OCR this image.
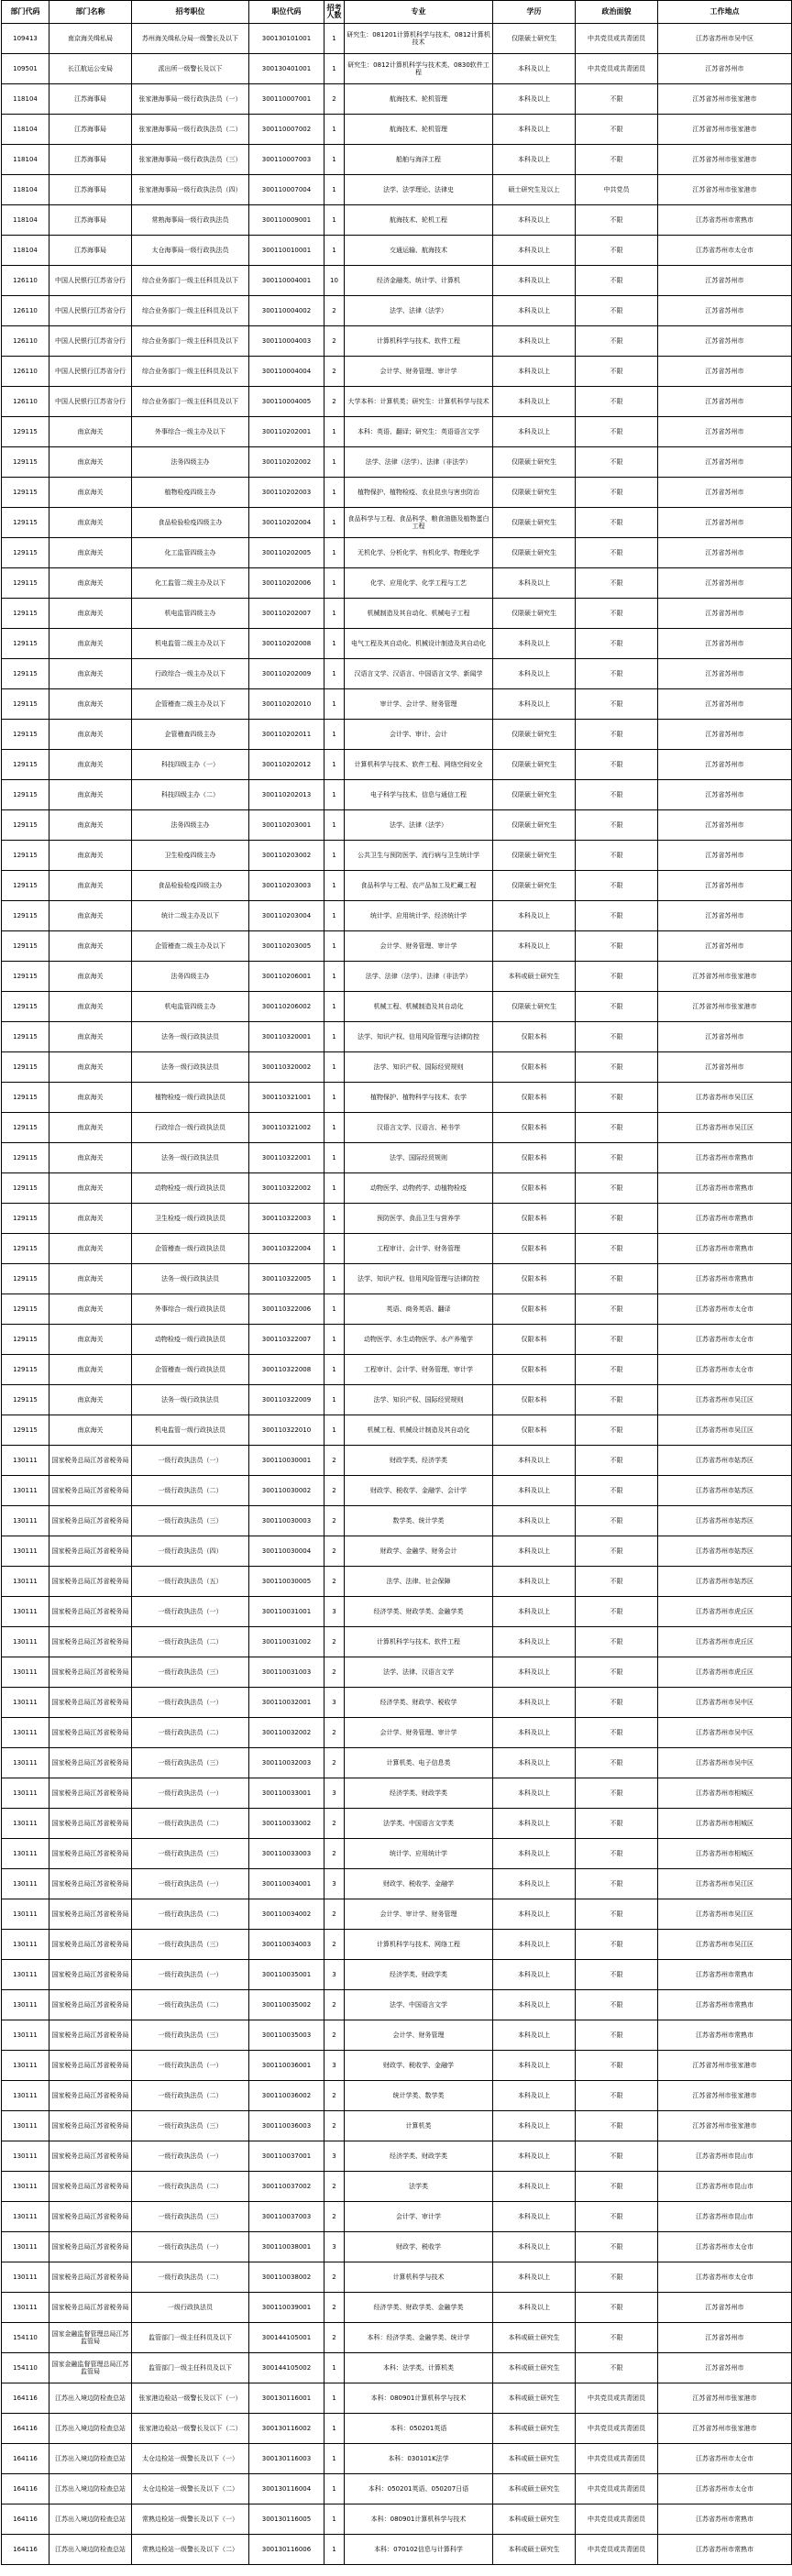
部门代码	部门名称	招考职位	职位代码	招考人数	专业	学历	政治面貌	工作地点
109413	南京海关缉私局	苏州海关缉私分局一级警长及以下	300130101001	1	研究生：081201计算机科学与技术、0812计算机技术	仅限硕士研究生	中共党员或共青团员	江苏省苏州市吴中区
109501	长江航运公安局	派出所一级警长及以下	300130401001	1	研究生：0812计算机科学与技术类、0830软件工程	本科及以上	中共党员或共青团员	江苏省苏州市
118104	江苏海事局	张家港海事局一级行政执法员（一）	300110007001	2	航海技术、轮机管理	本科及以上	不限	江苏省苏州市张家港市
118104	江苏海事局	张家港海事局一级行政执法员（二）	300110007002	1	航海技术、轮机管理	本科及以上	不限	江苏省苏州市张家港市
118104	江苏海事局	张家港海事局一级行政执法员（三）	300110007003	1	船舶与海洋工程	本科及以上	不限	江苏省苏州市张家港市
118104	江苏海事局	张家港海事局一级行政执法员（四）	300110007004	1	法学、法学理论、法律史	硕士研究生及以上	中共党员	江苏省苏州市张家港市
118104	江苏海事局	常熟海事局一级行政执法员	300110009001	1	航海技术、轮机工程	本科及以上	不限	江苏省苏州市常熟市
118104	江苏海事局	太仓海事局一级行政执法员	300110010001	1	交通运输、航海技术	本科及以上	不限	江苏省苏州市太仓市
126110	中国人民银行江苏省分行	综合业务部门一级主任科员及以下	300110004001	10	经济金融类、统计学、计算机	本科及以上	不限	江苏省苏州市
126110	中国人民银行江苏省分行	综合业务部门一级主任科员及以下	300110004002	2	法学、法律（法学）	本科及以上	不限	江苏省苏州市
126110	中国人民银行江苏省分行	综合业务部门一级主任科员及以下	300110004003	2	计算机科学与技术、软件工程	本科及以上	不限	江苏省苏州市
126110	中国人民银行江苏省分行	综合业务部门一级主任科员及以下	300110004004	2	会计学、财务管理、审计学	本科及以上	不限	江苏省苏州市
126110	中国人民银行江苏省分行	综合业务部门一级主任科员及以下	300110004005	2	大学本科：计算机类；研究生：计算机科学与技术	本科及以上	不限	江苏省苏州市
129115	南京海关	外事综合一级主办及以下	300110202001	1	本科：英语、翻译；研究生：英语语言文学	本科及以上	不限	江苏省苏州市
129115	南京海关	法务四级主办	300110202002	1	法学、法律（法学）、法律（非法学）	仅限硕士研究生	不限	江苏省苏州市
129115	南京海关	植物检疫四级主办	300110202003	1	植物保护、植物检疫、农业昆虫与害虫防治	仅限硕士研究生	不限	江苏省苏州市
129115	南京海关	食品检验检疫四级主办	300110202004	1	食品科学与工程、食品科学、粮食油脂及植物蛋白工程	仅限硕士研究生	不限	江苏省苏州市
129115	南京海关	化工监管四级主办	300110202005	1	无机化学、分析化学、有机化学、物理化学	仅限硕士研究生	不限	江苏省苏州市
129115	南京海关	化工监管二级主办及以下	300110202006	1	化学、应用化学、化学工程与工艺	本科及以上	不限	江苏省苏州市
129115	南京海关	机电监管四级主办	300110202007	1	机械制造及其自动化、机械电子工程	仅限硕士研究生	不限	江苏省苏州市
129115	南京海关	机电监管二级主办及以下	300110202008	1	电气工程及其自动化、机械设计制造及其自动化	本科及以上	不限	江苏省苏州市
129115	南京海关	行政综合一级主办及以下	300110202009	1	汉语言文学、汉语言、中国语言文学、新闻学	本科及以上	不限	江苏省苏州市
129115	南京海关	企管稽查二级主办及以下	300110202010	1	审计学、会计学、财务管理	本科及以上	不限	江苏省苏州市
129115	南京海关	企管稽查四级主办	300110202011	1	会计学、审计、会计	仅限硕士研究生	不限	江苏省苏州市
129115	南京海关	科技四级主办（一）	300110202012	1	计算机科学与技术、软件工程、网络空间安全	仅限硕士研究生	不限	江苏省苏州市
129115	南京海关	科技四级主办（二）	300110202013	1	电子科学与技术、信息与通信工程	仅限硕士研究生	不限	江苏省苏州市
129115	南京海关	法务四级主办	300110203001	1	法学、法律（法学）	仅限硕士研究生	不限	江苏省苏州市
129115	南京海关	卫生检疫四级主办	300110203002	1	公共卫生与预防医学、流行病与卫生统计学	仅限硕士研究生	不限	江苏省苏州市
129115	南京海关	食品检验检疫四级主办	300110203003	1	食品科学与工程、农产品加工及贮藏工程	仅限硕士研究生	不限	江苏省苏州市
129115	南京海关	统计二级主办及以下	300110203004	1	统计学、应用统计学、经济统计学	本科及以上	不限	江苏省苏州市
129115	南京海关	企管稽查二级主办及以下	300110203005	1	会计学、财务管理、审计学	本科及以上	不限	江苏省苏州市
129115	南京海关	法务四级主办	300110206001	1	法学、法律（法学）、法律（非法学）	本科或硕士研究生	不限	江苏省苏州市张家港市
129115	南京海关	机电监管四级主办	300110206002	1	机械工程、机械制造及其自动化	仅限硕士研究生	不限	江苏省苏州市张家港市
129115	南京海关	法务一级行政执法员	300110320001	1	法学、知识产权、信用风险管理与法律防控	仅限本科	不限	江苏省苏州市
129115	南京海关	法务一级行政执法员	300110320002	1	法学、知识产权、国际经贸规则	仅限本科	不限	江苏省苏州市
129115	南京海关	植物检疫一级行政执法员	300110321001	1	植物保护、植物科学与技术、农学	仅限本科	不限	江苏省苏州市吴江区
129115	南京海关	行政综合一级行政执法员	300110321002	1	汉语言文学、汉语言、秘书学	仅限本科	不限	江苏省苏州市吴江区
129115	南京海关	法务一级行政执法员	300110322001	1	法学、国际经贸规则	仅限本科	不限	江苏省苏州市常熟市
129115	南京海关	动物检疫一级行政执法员	300110322002	1	动物医学、动物药学、动植物检疫	仅限本科	不限	江苏省苏州市常熟市
129115	南京海关	卫生检疫一级行政执法员	300110322003	1	预防医学、食品卫生与营养学	仅限本科	不限	江苏省苏州市常熟市
129115	南京海关	企管稽查一级行政执法员	300110322004	1	工程审计、会计学、财务管理	仅限本科	不限	江苏省苏州市常熟市
129115	南京海关	法务一级行政执法员	300110322005	1	法学、知识产权、信用风险管理与法律防控	仅限本科	不限	江苏省苏州市常熟市
129115	南京海关	外事综合一级行政执法员	300110322006	1	英语、商务英语、翻译	仅限本科	不限	江苏省苏州市太仓市
129115	南京海关	动物检疫一级行政执法员	300110322007	1	动物医学、水生动物医学、水产养殖学	仅限本科	不限	江苏省苏州市太仓市
129115	南京海关	企管稽查一级行政执法员	300110322008	1	工程审计、会计学、财务管理、审计学	仅限本科	不限	江苏省苏州市太仓市
129115	南京海关	法务一级行政执法员	300110322009	1	法学、知识产权、国际经贸规则	仅限本科	不限	江苏省苏州市吴江区
129115	南京海关	机电监管一级行政执法员	300110322010	1	机械工程、机械设计制造及其自动化	仅限本科	不限	江苏省苏州市吴江区
130111	国家税务总局江苏省税务局	一级行政执法员（一）	300110030001	2	财政学类、经济学类	本科及以上	不限	江苏省苏州市姑苏区
130111	国家税务总局江苏省税务局	一级行政执法员（二）	300110030002	2	财政学、税收学、金融学、会计学	本科及以上	不限	江苏省苏州市姑苏区
130111	国家税务总局江苏省税务局	一级行政执法员（三）	300110030003	2	数学类、统计学类	本科及以上	不限	江苏省苏州市姑苏区
130111	国家税务总局江苏省税务局	一级行政执法员（四）	300110030004	2	财政学、金融学、财务会计	本科及以上	不限	江苏省苏州市姑苏区
130111	国家税务总局江苏省税务局	一级行政执法员（五）	300110030005	2	法学、法律、社会保障	本科及以上	不限	江苏省苏州市姑苏区
130111	国家税务总局江苏省税务局	一级行政执法员（一）	300110031001	3	经济学类、财政学类、金融学类	本科及以上	不限	江苏省苏州市虎丘区
130111	国家税务总局江苏省税务局	一级行政执法员（二）	300110031002	2	计算机科学与技术、软件工程	本科及以上	不限	江苏省苏州市虎丘区
130111	国家税务总局江苏省税务局	一级行政执法员（三）	300110031003	2	法学、法律、汉语言文学	本科及以上	不限	江苏省苏州市虎丘区
130111	国家税务总局江苏省税务局	一级行政执法员（一）	300110032001	3	经济学类、财政学、税收学	本科及以上	不限	江苏省苏州市吴中区
130111	国家税务总局江苏省税务局	一级行政执法员（二）	300110032002	2	会计学、财务管理、审计学	本科及以上	不限	江苏省苏州市吴中区
130111	国家税务总局江苏省税务局	一级行政执法员（三）	300110032003	2	计算机类、电子信息类	本科及以上	不限	江苏省苏州市吴中区
130111	国家税务总局江苏省税务局	一级行政执法员（一）	300110033001	3	经济学类、财政学类	本科及以上	不限	江苏省苏州市相城区
130111	国家税务总局江苏省税务局	一级行政执法员（二）	300110033002	2	法学类、中国语言文学类	本科及以上	不限	江苏省苏州市相城区
130111	国家税务总局江苏省税务局	一级行政执法员（三）	300110033003	2	统计学、应用统计学	本科及以上	不限	江苏省苏州市相城区
130111	国家税务总局江苏省税务局	一级行政执法员（一）	300110034001	3	财政学、税收学、金融学	本科及以上	不限	江苏省苏州市吴江区
130111	国家税务总局江苏省税务局	一级行政执法员（二）	300110034002	2	会计学、审计学、财务管理	本科及以上	不限	江苏省苏州市吴江区
130111	国家税务总局江苏省税务局	一级行政执法员（三）	300110034003	2	计算机科学与技术、网络工程	本科及以上	不限	江苏省苏州市吴江区
130111	国家税务总局江苏省税务局	一级行政执法员（一）	300110035001	3	经济学类、财政学类	本科及以上	不限	江苏省苏州市常熟市
130111	国家税务总局江苏省税务局	一级行政执法员（二）	300110035002	2	法学、中国语言文学	本科及以上	不限	江苏省苏州市常熟市
130111	国家税务总局江苏省税务局	一级行政执法员（三）	300110035003	2	会计学、财务管理	本科及以上	不限	江苏省苏州市常熟市
130111	国家税务总局江苏省税务局	一级行政执法员（一）	300110036001	3	财政学、税收学、金融学	本科及以上	不限	江苏省苏州市张家港市
130111	国家税务总局江苏省税务局	一级行政执法员（二）	300110036002	2	统计学类、数学类	本科及以上	不限	江苏省苏州市张家港市
130111	国家税务总局江苏省税务局	一级行政执法员（三）	300110036003	2	计算机类	本科及以上	不限	江苏省苏州市张家港市
130111	国家税务总局江苏省税务局	一级行政执法员（一）	300110037001	3	经济学类、财政学类	本科及以上	不限	江苏省苏州市昆山市
130111	国家税务总局江苏省税务局	一级行政执法员（二）	300110037002	2	法学类	本科及以上	不限	江苏省苏州市昆山市
130111	国家税务总局江苏省税务局	一级行政执法员（三）	300110037003	2	会计学、审计学	本科及以上	不限	江苏省苏州市昆山市
130111	国家税务总局江苏省税务局	一级行政执法员（一）	300110038001	3	财政学、税收学	本科及以上	不限	江苏省苏州市太仓市
130111	国家税务总局江苏省税务局	一级行政执法员（二）	300110038002	2	计算机科学与技术	本科及以上	不限	江苏省苏州市太仓市
130111	国家税务总局江苏省税务局	一级行政执法员	300110039001	2	经济学类、财政学类、金融学类	本科及以上	不限	江苏省苏州市
154110	国家金融监督管理总局江苏监管局	监管部门一级主任科员及以下	300144105001	2	本科：经济学类、金融学类、统计学	本科或硕士研究生	不限	江苏省苏州市
154110	国家金融监督管理总局江苏监管局	监管部门一级主任科员及以下	300144105002	1	本科：法学类、计算机类	本科或硕士研究生	不限	江苏省苏州市
164116	江苏出入境边防检查总站	张家港边检站一级警长及以下（一）	300130116001	1	本科：080901计算机科学与技术	本科或硕士研究生	中共党员或共青团员	江苏省苏州市张家港市
164116	江苏出入境边防检查总站	张家港边检站一级警长及以下（二）	300130116002	1	本科：050201英语	本科或硕士研究生	中共党员或共青团员	江苏省苏州市张家港市
164116	江苏出入境边防检查总站	太仓边检站一级警长及以下（一）	300130116003	1	本科：030101K法学	本科或硕士研究生	中共党员或共青团员	江苏省苏州市太仓市
164116	江苏出入境边防检查总站	太仓边检站一级警长及以下（二）	300130116004	1	本科：050201英语、050207日语	本科或硕士研究生	中共党员或共青团员	江苏省苏州市太仓市
164116	江苏出入境边防检查总站	常熟边检站一级警长及以下（一）	300130116005	1	本科：080901计算机科学与技术	本科或硕士研究生	中共党员或共青团员	江苏省苏州市常熟市
164116	江苏出入境边防检查总站	常熟边检站一级警长及以下（二）	300130116006	1	本科：070102信息与计算科学	本科或硕士研究生	中共党员或共青团员	江苏省苏州市常熟市
